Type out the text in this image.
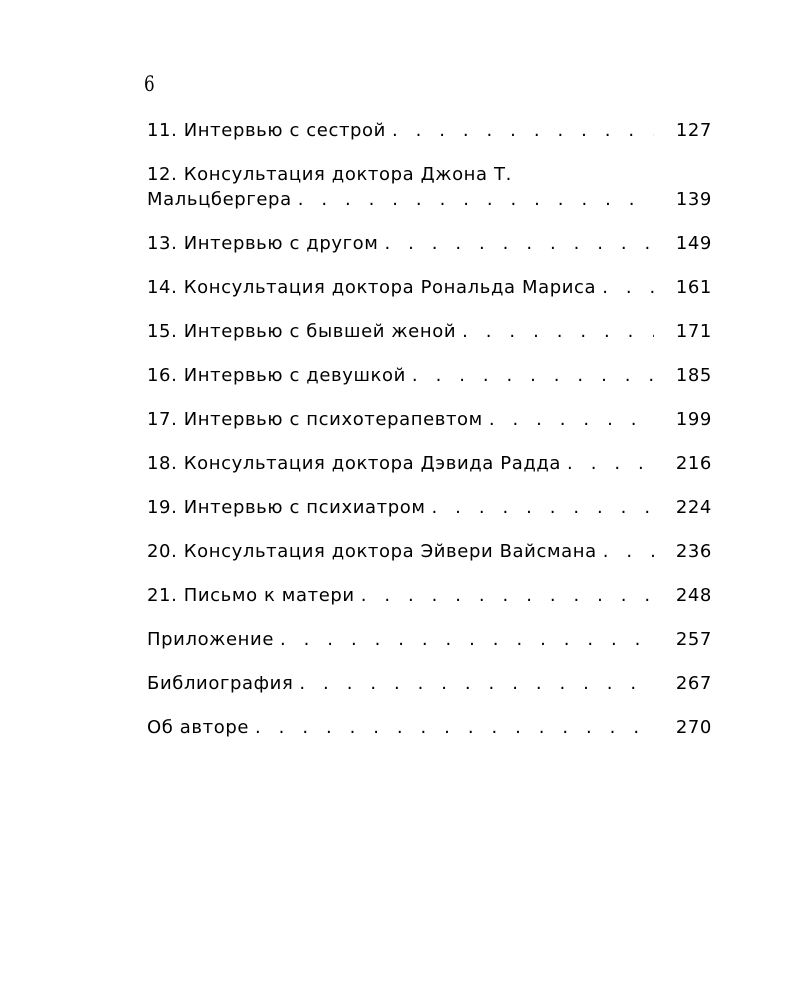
6
11. Интервью с сестрой . . .	127
12. Консультация доктора Джона Т.
Мальцбергера . . .	139
13. Интервью с другом . . .	149
14. Консультация доктора Рональда Мариса . . .	161
15. Интервью с бывшей женой . . .	171
16. Интервью с девушкой . . .	185
17. Интервью с психотерапевтом . . .	199
18. Консультация доктора Дэвида Радда . . .	216
19. Интервью с психиатром . . .	224
20. Консультация доктора Эйвери Вайсмана . . .	236
21. Письмо к матери . . .	248
Приложение . . .	257
Библиография . . .	267
Об авторе . . .	270
